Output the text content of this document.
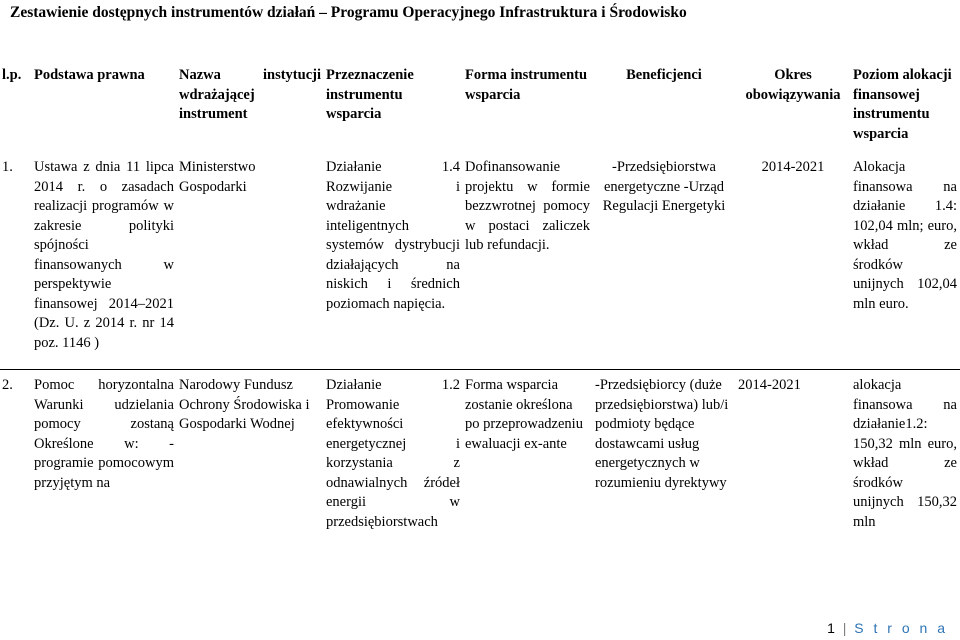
Zestawienie dostępnych instrumentów działań – Programu Operacyjnego Infrastruktura i Środowisko
l.p.	Podstawa prawna	Nazwa instytucji wdrażającej instrument	Przeznaczenie instrumentu wsparcia	Forma instrumentu wsparcia	Beneficjenci	Okres obowiązywania	Poziom alokacji finansowej instrumentu wsparcia
1.	Ustawa z dnia 11 lipca 2014 r. o zasadach realizacji programów w zakresie polityki spójności finansowanych w perspektywie finansowej 2014–2021 (Dz. U. z 2014 r. nr 14 poz. 1146 )	Ministerstwo Gospodarki	Działanie 1.4 Rozwijanie i wdrażanie inteligentnych systemów dystrybucji działających na niskich i średnich poziomach napięcia.	Dofinansowanie projektu w formie bezzwrotnej pomocy w postaci zaliczek lub refundacji.	-Przedsiębiorstwa energetyczne -Urząd Regulacji Energetyki	2014-2021	Alokacja finansowa na działanie 1.4: 102,04 mln; euro, wkład ze środków unijnych 102,04 mln euro.

2.	Pomoc horyzontalna Warunki udzielania pomocy zostaną Określone w: -programie pomocowym przyjętym na	Narodowy Fundusz Ochrony Środowiska i Gospodarki Wodnej	Działanie 1.2 Promowanie efektywności energetycznej i korzystania z odnawialnych źródeł energii w przedsiębiorstwach	Forma wsparcia zostanie określona po przeprowadzeniu ewaluacji ex-ante	-Przedsiębiorcy (duże przedsiębiorstwa) lub/i podmioty będące dostawcami usług energetycznych w rozumieniu dyrektywy	2014-2021	alokacja finansowa na działanie1.2: 150,32 mln euro, wkład ze środków unijnych 150,32 mln
1 | S t r o n a
